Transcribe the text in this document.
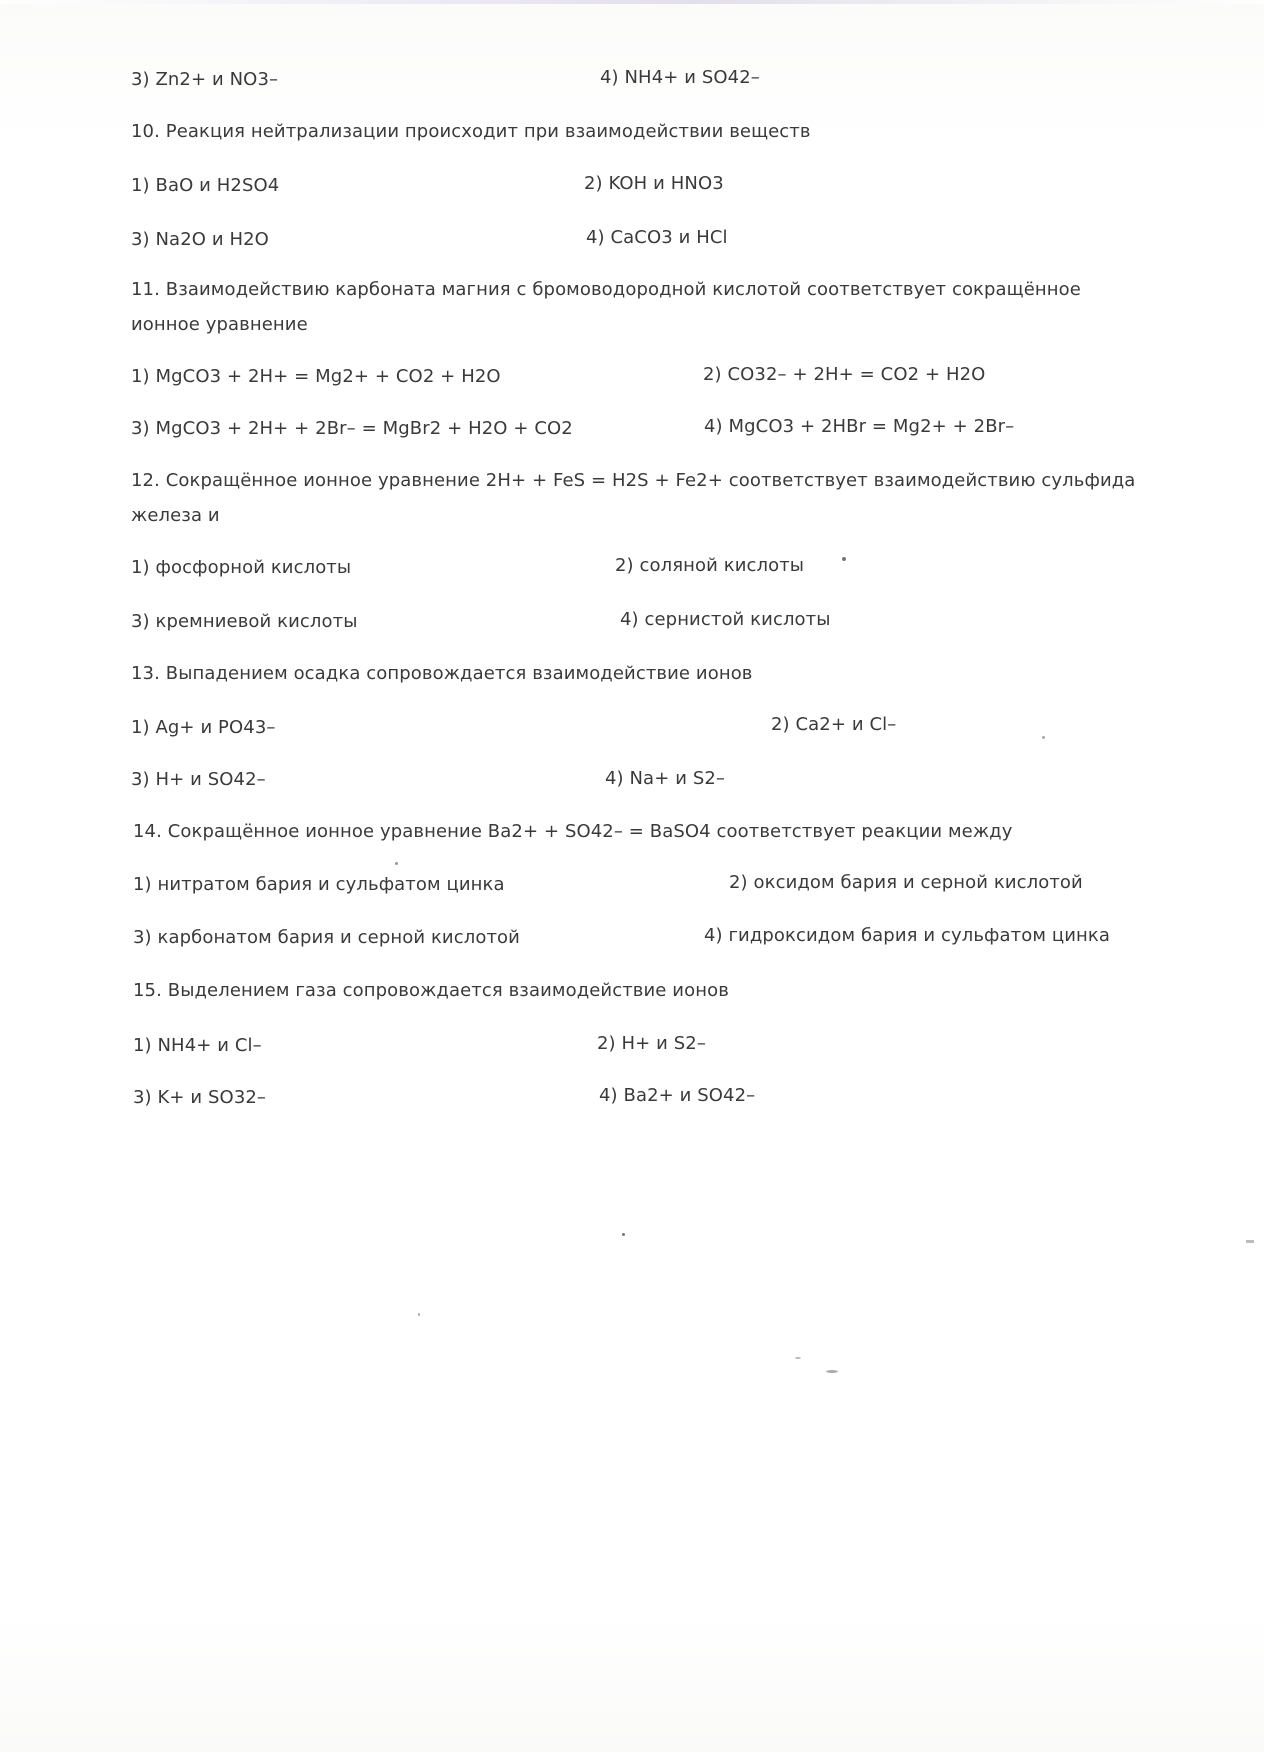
3) Zn2+ и NO3–	4) NH4+ и SO42–
10. Реакция нейтрализации происходит при взаимодействии веществ
1) BaO и H2SO4	2) KOH и HNO3
3) Na2O и H2O	4) CaCO3 и HCl
11. Взаимодействию карбоната магния с бромоводородной кислотой соответствует сокращённое
ионное уравнение
1) MgCO3 + 2H+ = Mg2+ + CO2 + H2O	2) CO32– + 2H+ = CO2 + H2O
3) MgCO3 + 2H+ + 2Br– = MgBr2 + H2O + CO2	4) MgCO3 + 2HBr = Mg2+ + 2Br–
12. Сокращённое ионное уравнение 2H+ + FeS = H2S + Fe2+ соответствует взаимодействию сульфида
железа и
1) фосфорной кислоты	2) соляной кислоты
3) кремниевой кислоты	4) сернистой кислоты
13. Выпадением осадка сопровождается взаимодействие ионов
1) Ag+ и PO43–	2) Ca2+ и Cl–
3) H+ и SO42–	4) Na+ и S2–
14. Сокращённое ионное уравнение Ba2+ + SO42– = BaSO4 соответствует реакции между
1) нитратом бария и сульфатом цинка	2) оксидом бария и серной кислотой
3) карбонатом бария и серной кислотой	4) гидроксидом бария и сульфатом цинка
15. Выделением газа сопровождается взаимодействие ионов
1) NH4+ и Cl–	2) H+ и S2–
3) K+ и SO32–	4) Ba2+ и SO42–
